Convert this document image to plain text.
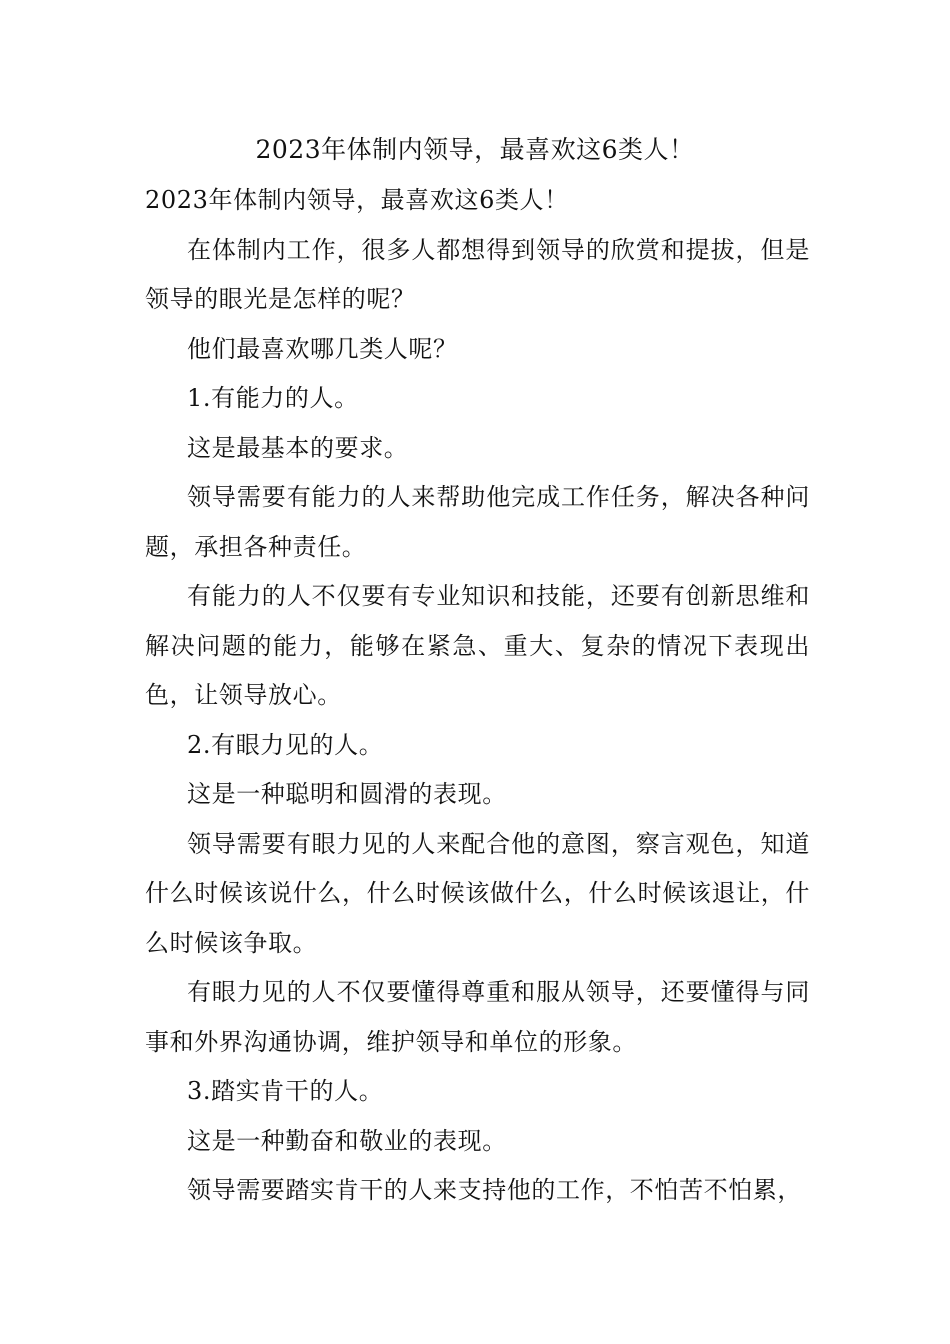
2023年体制内领导，最喜欢这6类人！

2023年体制内领导，最喜欢这6类人！

在体制内工作，很多人都想得到领导的欣赏和提拔，但是领导的眼光是怎样的呢？

他们最喜欢哪几类人呢？

1.有能力的人。

这是最基本的要求。

领导需要有能力的人来帮助他完成工作任务，解决各种问题，承担各种责任。

有能力的人不仅要有专业知识和技能，还要有创新思维和解决问题的能力，能够在紧急、重大、复杂的情况下表现出色，让领导放心。

2.有眼力见的人。

这是一种聪明和圆滑的表现。

领导需要有眼力见的人来配合他的意图，察言观色，知道什么时候该说什么，什么时候该做什么，什么时候该退让，什么时候该争取。

有眼力见的人不仅要懂得尊重和服从领导，还要懂得与同事和外界沟通协调，维护领导和单位的形象。

3.踏实肯干的人。

这是一种勤奋和敬业的表现。

领导需要踏实肯干的人来支持他的工作，不怕苦不怕累，
